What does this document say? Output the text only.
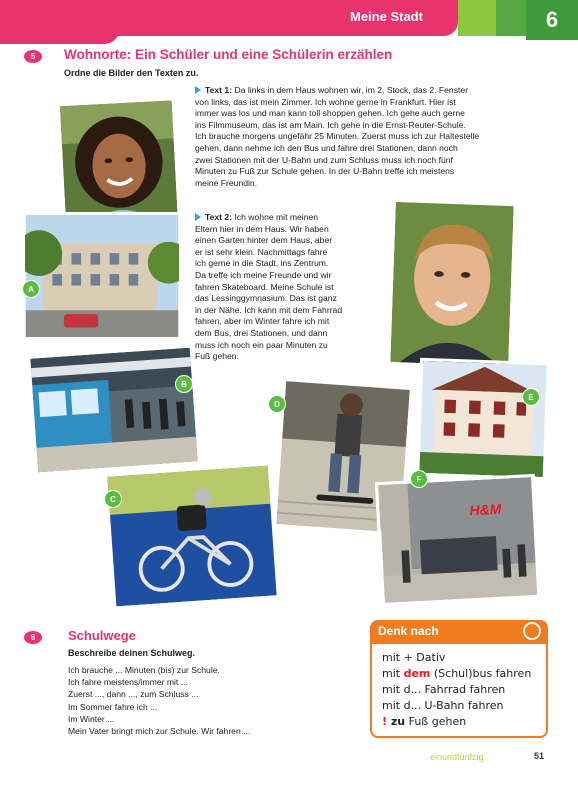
Meine Stadt	6
5	Wohnorte: Ein Schüler und eine Schülerin erzählen
Ordne die Bilder den Texten zu.
Text 1: Da links in dem Haus wohnen wir, im 2. Stock, das 2. Fenster
von links, das ist mein Zimmer. Ich wohne gerne in Frankfurt. Hier ist
immer was los und man kann toll shoppen gehen. Ich gehe auch gerne
ins Filmmuseum, das ist am Main. Ich gehe in die Ernst-Reuter-Schule.
Ich brauche morgens ungefähr 25 Minuten. Zuerst muss ich zur Haltestelle
gehen, dann nehme ich den Bus und fahre drei Stationen, dann noch
zwei Stationen mit der U-Bahn und zum Schluss muss ich noch fünf
Minuten zu Fuß zur Schule gehen. In der U-Bahn treffe ich meistens
meine Freundin.
Text 2: Ich wohne mit meinen
Eltern hier in dem Haus. Wir haben
einen Garten hinter dem Haus, aber
er ist sehr klein. Nachmittags fahre
ich gerne in die Stadt, ins Zentrum.
Da treffe ich meine Freunde und wir
fahren Skateboard. Meine Schule ist
das Lessinggymnasium. Das ist ganz
in der Nähe. Ich kann mit dem Fahrrad
fahren, aber im Winter fahre ich mit
dem Bus, drei Stationen, und dann
muss ich noch ein paar Minuten zu
Fuß gehen.
A
B
D
E
C
H&M
F
6	Schulwege
Beschreibe deinen Schulweg.
Ich brauche ... Minuten (bis) zur Schule.
Ich fahre meistens/immer mit ...
Zuerst ..., dann ..., zum Schluss ...
Im Sommer fahre ich ...
Im Winter ...
Mein Vater bringt mich zur Schule. Wir fahren ...
Denk nach
mit + Dativ
mit dem (Schul)bus fahren
mit d... Fahrrad fahren
mit d... U-Bahn fahren
! zu Fuß gehen
einundfünfzig	51
